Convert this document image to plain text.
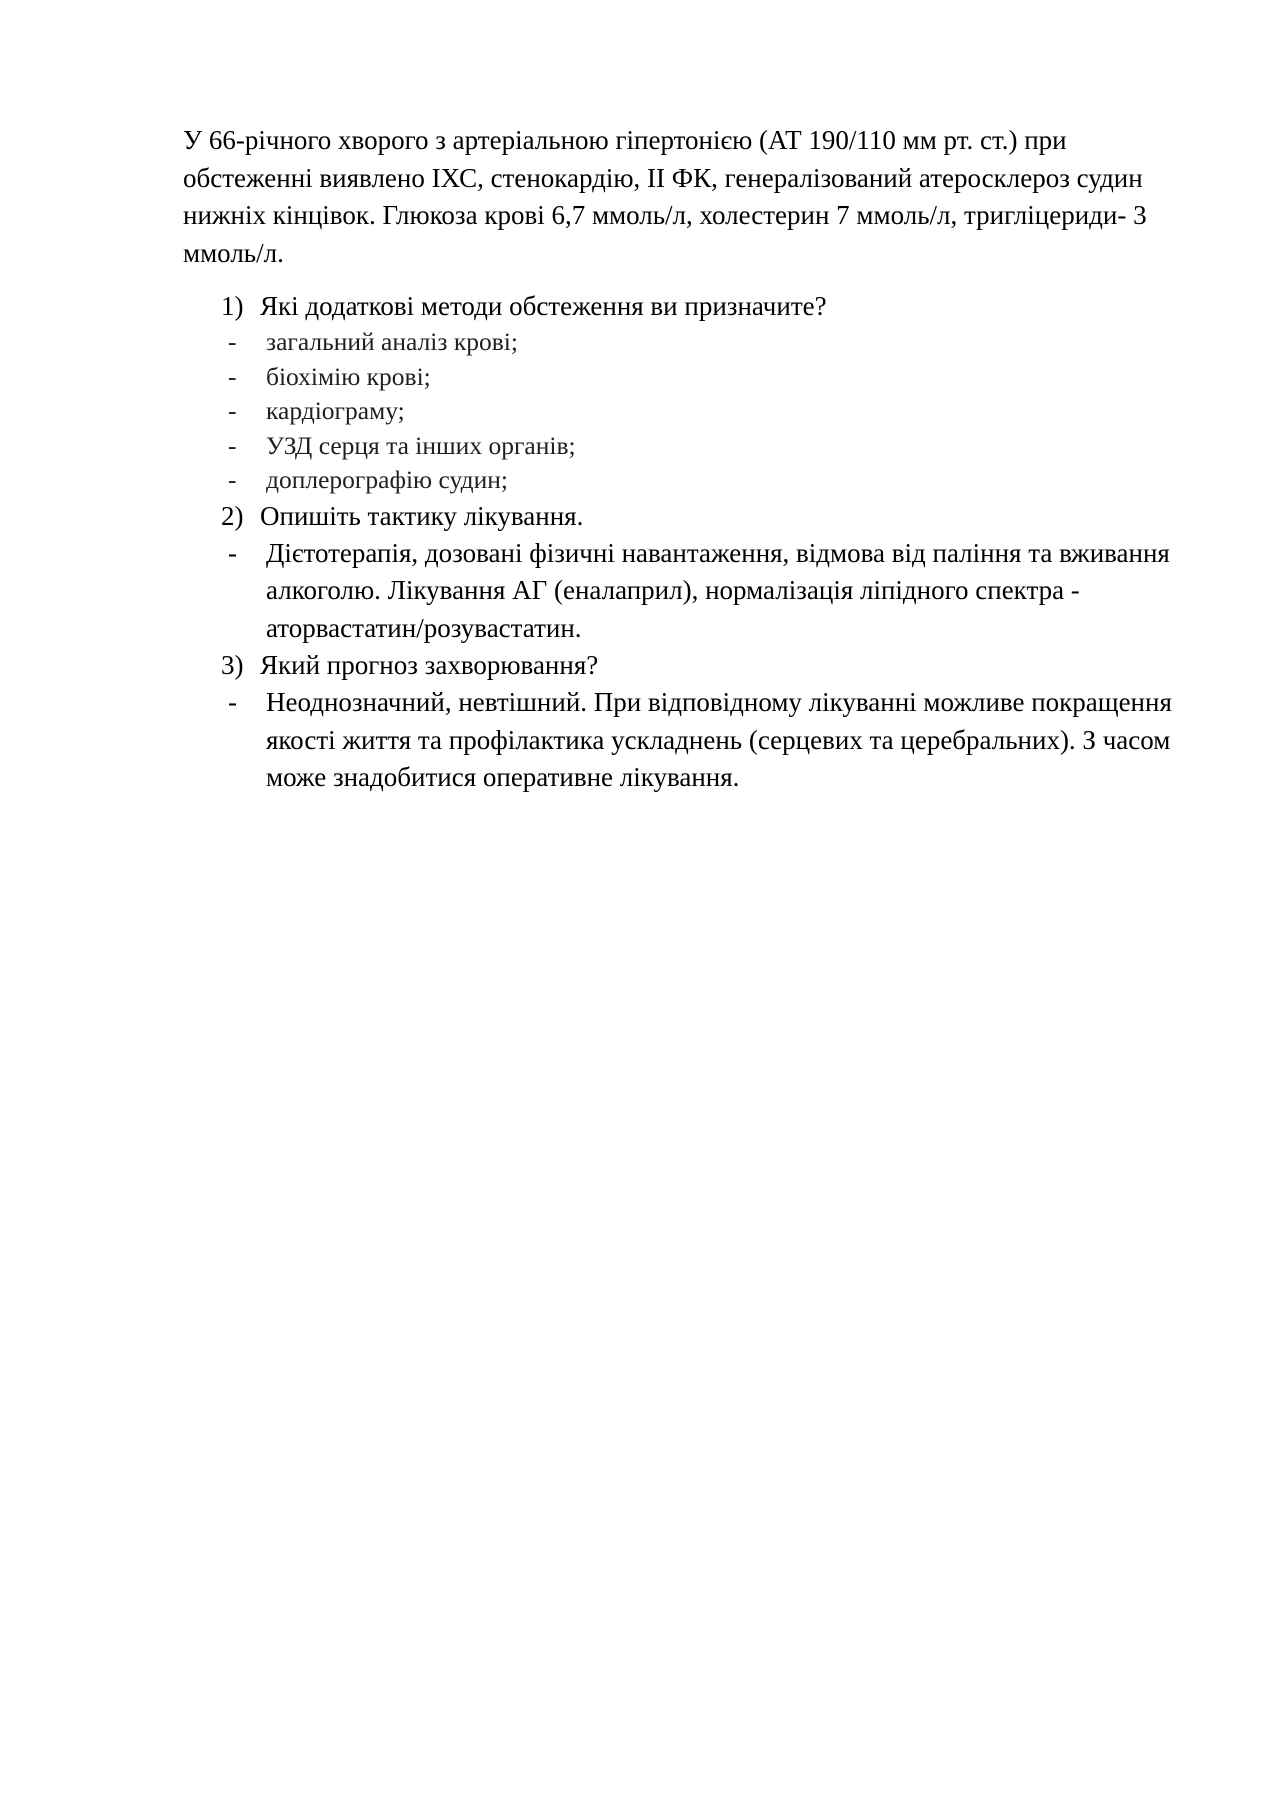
У 66-річного хворого з артеріальною гіпертонією (АТ 190/110 мм рт. ст.) при обстеженні виявлено ІХС, стенокардію, ІІ ФК, генералізований атеросклероз судин нижніх кінцівок. Глюкоза крові 6,7 ммоль/л, холестерин 7 ммоль/л, тригліцериди- 3 ммоль/л.

1) Які додаткові методи обстеження ви призначите?
- загальний аналіз крові;
- біохімію крові;
- кардіограму;
- УЗД серця та інших органів;
- доплерографію судин;
2) Опишіть тактику лікування.
- Дієтотерапія, дозовані фізичні навантаження, відмова від паління та вживання алкоголю. Лікування АГ (еналаприл), нормалізація ліпідного спектра - аторвастатин/розувастатин.
3) Який прогноз захворювання?
- Неоднозначний, невтішний. При відповідному лікуванні можливе покращення якості життя та профілактика ускладнень (серцевих та церебральних). З часом може знадобитися оперативне лікування.
